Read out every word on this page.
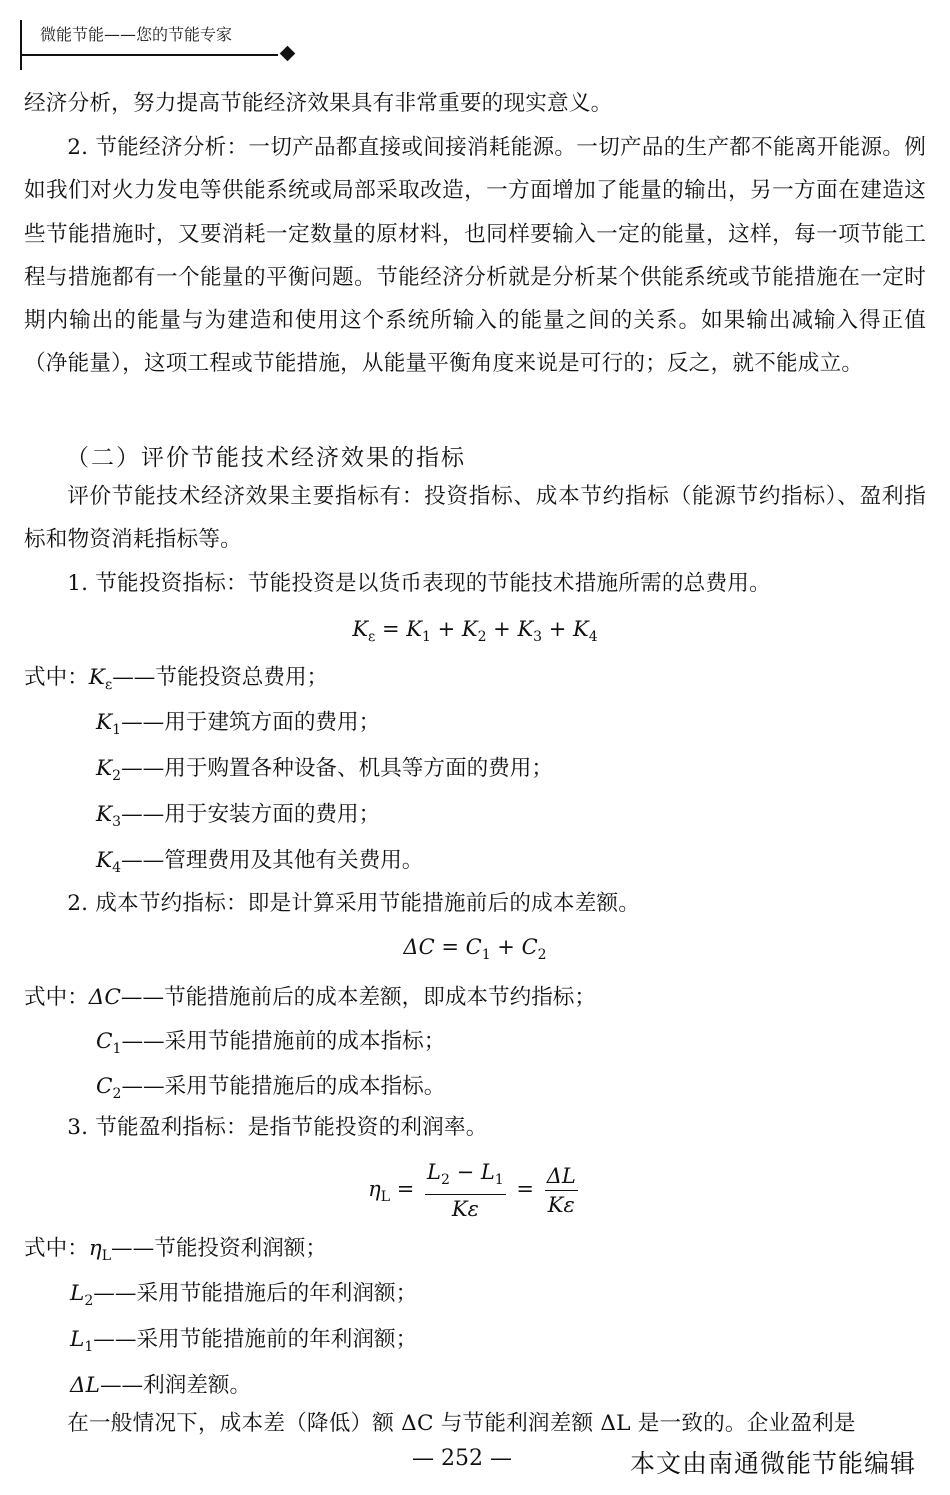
微能节能——您的节能专家
经济分析，努力提高节能经济效果具有非常重要的现实意义。
2. 节能经济分析：一切产品都直接或间接消耗能源。一切产品的生产都不能离开能源。例如我们对火力发电等供能系统或局部采取改造，一方面增加了能量的输出，另一方面在建造这些节能措施时，又要消耗一定数量的原材料，也同样要输入一定的能量，这样，每一项节能工程与措施都有一个能量的平衡问题。节能经济分析就是分析某个供能系统或节能措施在一定时期内输出的能量与为建造和使用这个系统所输入的能量之间的关系。如果输出减输入得正值（净能量），这项工程或节能措施，从能量平衡角度来说是可行的；反之，就不能成立。
（二）评价节能技术经济效果的指标
评价节能技术经济效果主要指标有：投资指标、成本节约指标（能源节约指标）、盈利指标和物资消耗指标等。
1. 节能投资指标：节能投资是以货币表现的节能技术措施所需的总费用。
$K_\varepsilon = K_1 + K_2 + K_3 + K_4$
式中：$K_\varepsilon——$节能投资总费用；
$K_1——$用于建筑方面的费用；
$K_2——$用于购置各种设备、机具等方面的费用；
$K_3——$用于安装方面的费用；
$K_4——$管理费用及其他有关费用。
2. 成本节约指标：即是计算采用节能措施前后的成本差额。
$\Delta C = C_1 + C_2$
式中：ΔC——节能措施前后的成本差额，即成本节约指标；
$C_1——$采用节能措施前的成本指标；
$C_2——$采用节能措施后的成本指标。
3. 节能盈利指标：是指节能投资的利润率。
$\eta_L = \frac{L_2 - L_1}{K\varepsilon} = \frac{\Delta L}{K\varepsilon}$
式中：$\eta_L——$节能投资利润额；
$L_2——$采用节能措施后的年利润额；
$L_1——$采用节能措施前的年利润额；
ΔL——利润差额。
在一般情况下，成本差（降低）额 ΔC 与节能利润差额 ΔL 是一致的。企业盈利是
— 252 —	本文由南通微能节能编辑
